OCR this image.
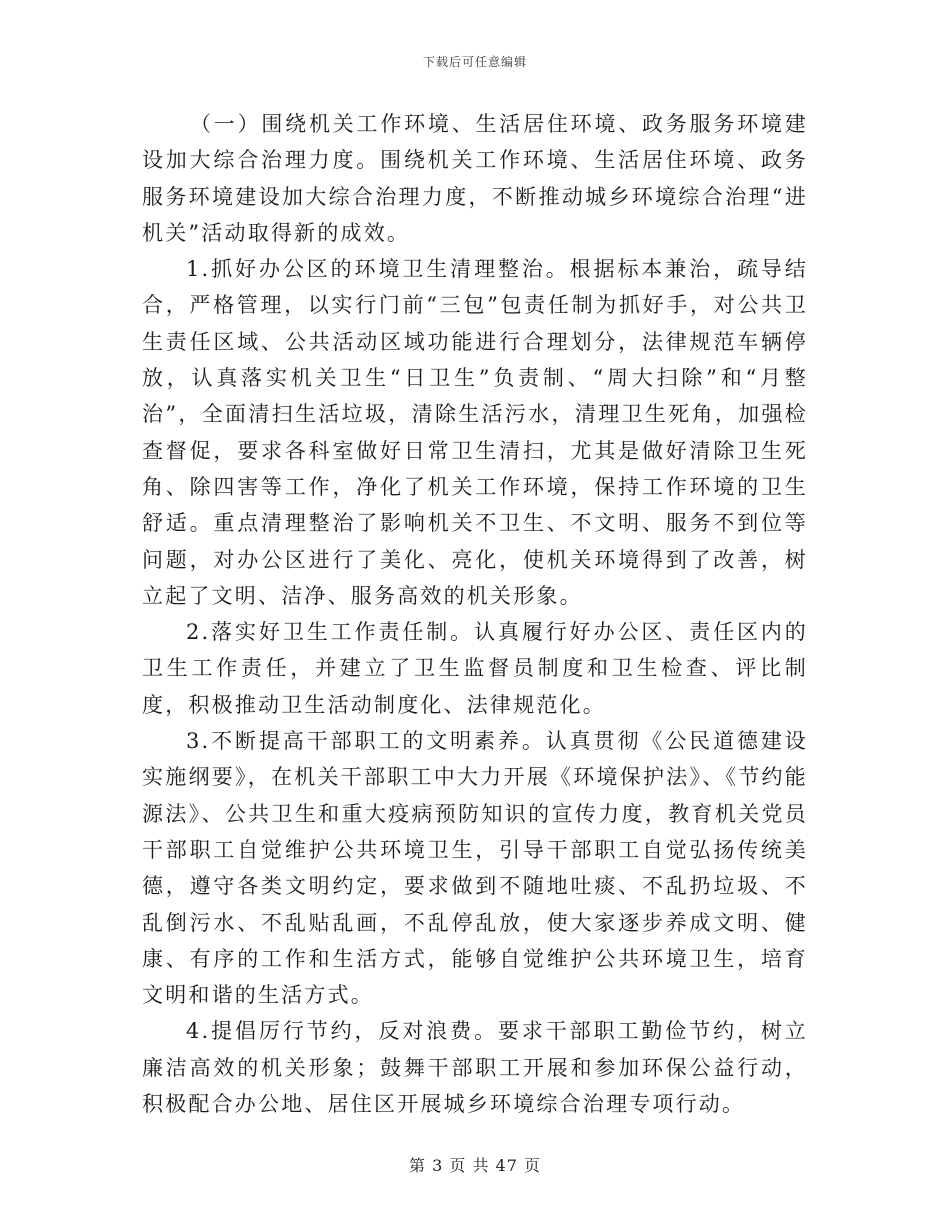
下载后可任意编辑

（一）围绕机关工作环境、生活居住环境、政务服务环境建设加大综合治理力度。围绕机关工作环境、生活居住环境、政务服务环境建设加大综合治理力度，不断推动城乡环境综合治理“进机关”活动取得新的成效。

1.抓好办公区的环境卫生清理整治。根据标本兼治，疏导结合，严格管理，以实行门前“三包”包责任制为抓好手，对公共卫生责任区域、公共活动区域功能进行合理划分，法律规范车辆停放，认真落实机关卫生“日卫生”负责制、“周大扫除”和“月整治”，全面清扫生活垃圾，清除生活污水，清理卫生死角，加强检查督促，要求各科室做好日常卫生清扫，尤其是做好清除卫生死角、除四害等工作，净化了机关工作环境，保持工作环境的卫生舒适。重点清理整治了影响机关不卫生、不文明、服务不到位等问题，对办公区进行了美化、亮化，使机关环境得到了改善，树立起了文明、洁净、服务高效的机关形象。

2.落实好卫生工作责任制。认真履行好办公区、责任区内的卫生工作责任，并建立了卫生监督员制度和卫生检查、评比制度，积极推动卫生活动制度化、法律规范化。

3.不断提高干部职工的文明素养。认真贯彻《公民道德建设实施纲要》，在机关干部职工中大力开展《环境保护法》、《节约能源法》、公共卫生和重大疫病预防知识的宣传力度，教育机关党员干部职工自觉维护公共环境卫生，引导干部职工自觉弘扬传统美德，遵守各类文明约定，要求做到不随地吐痰、不乱扔垃圾、不乱倒污水、不乱贴乱画，不乱停乱放，使大家逐步养成文明、健康、有序的工作和生活方式，能够自觉维护公共环境卫生，培育文明和谐的生活方式。

4.提倡厉行节约，反对浪费。要求干部职工勤俭节约，树立廉洁高效的机关形象；鼓舞干部职工开展和参加环保公益行动，积极配合办公地、居住区开展城乡环境综合治理专项行动。

第 3 页 共 47 页
